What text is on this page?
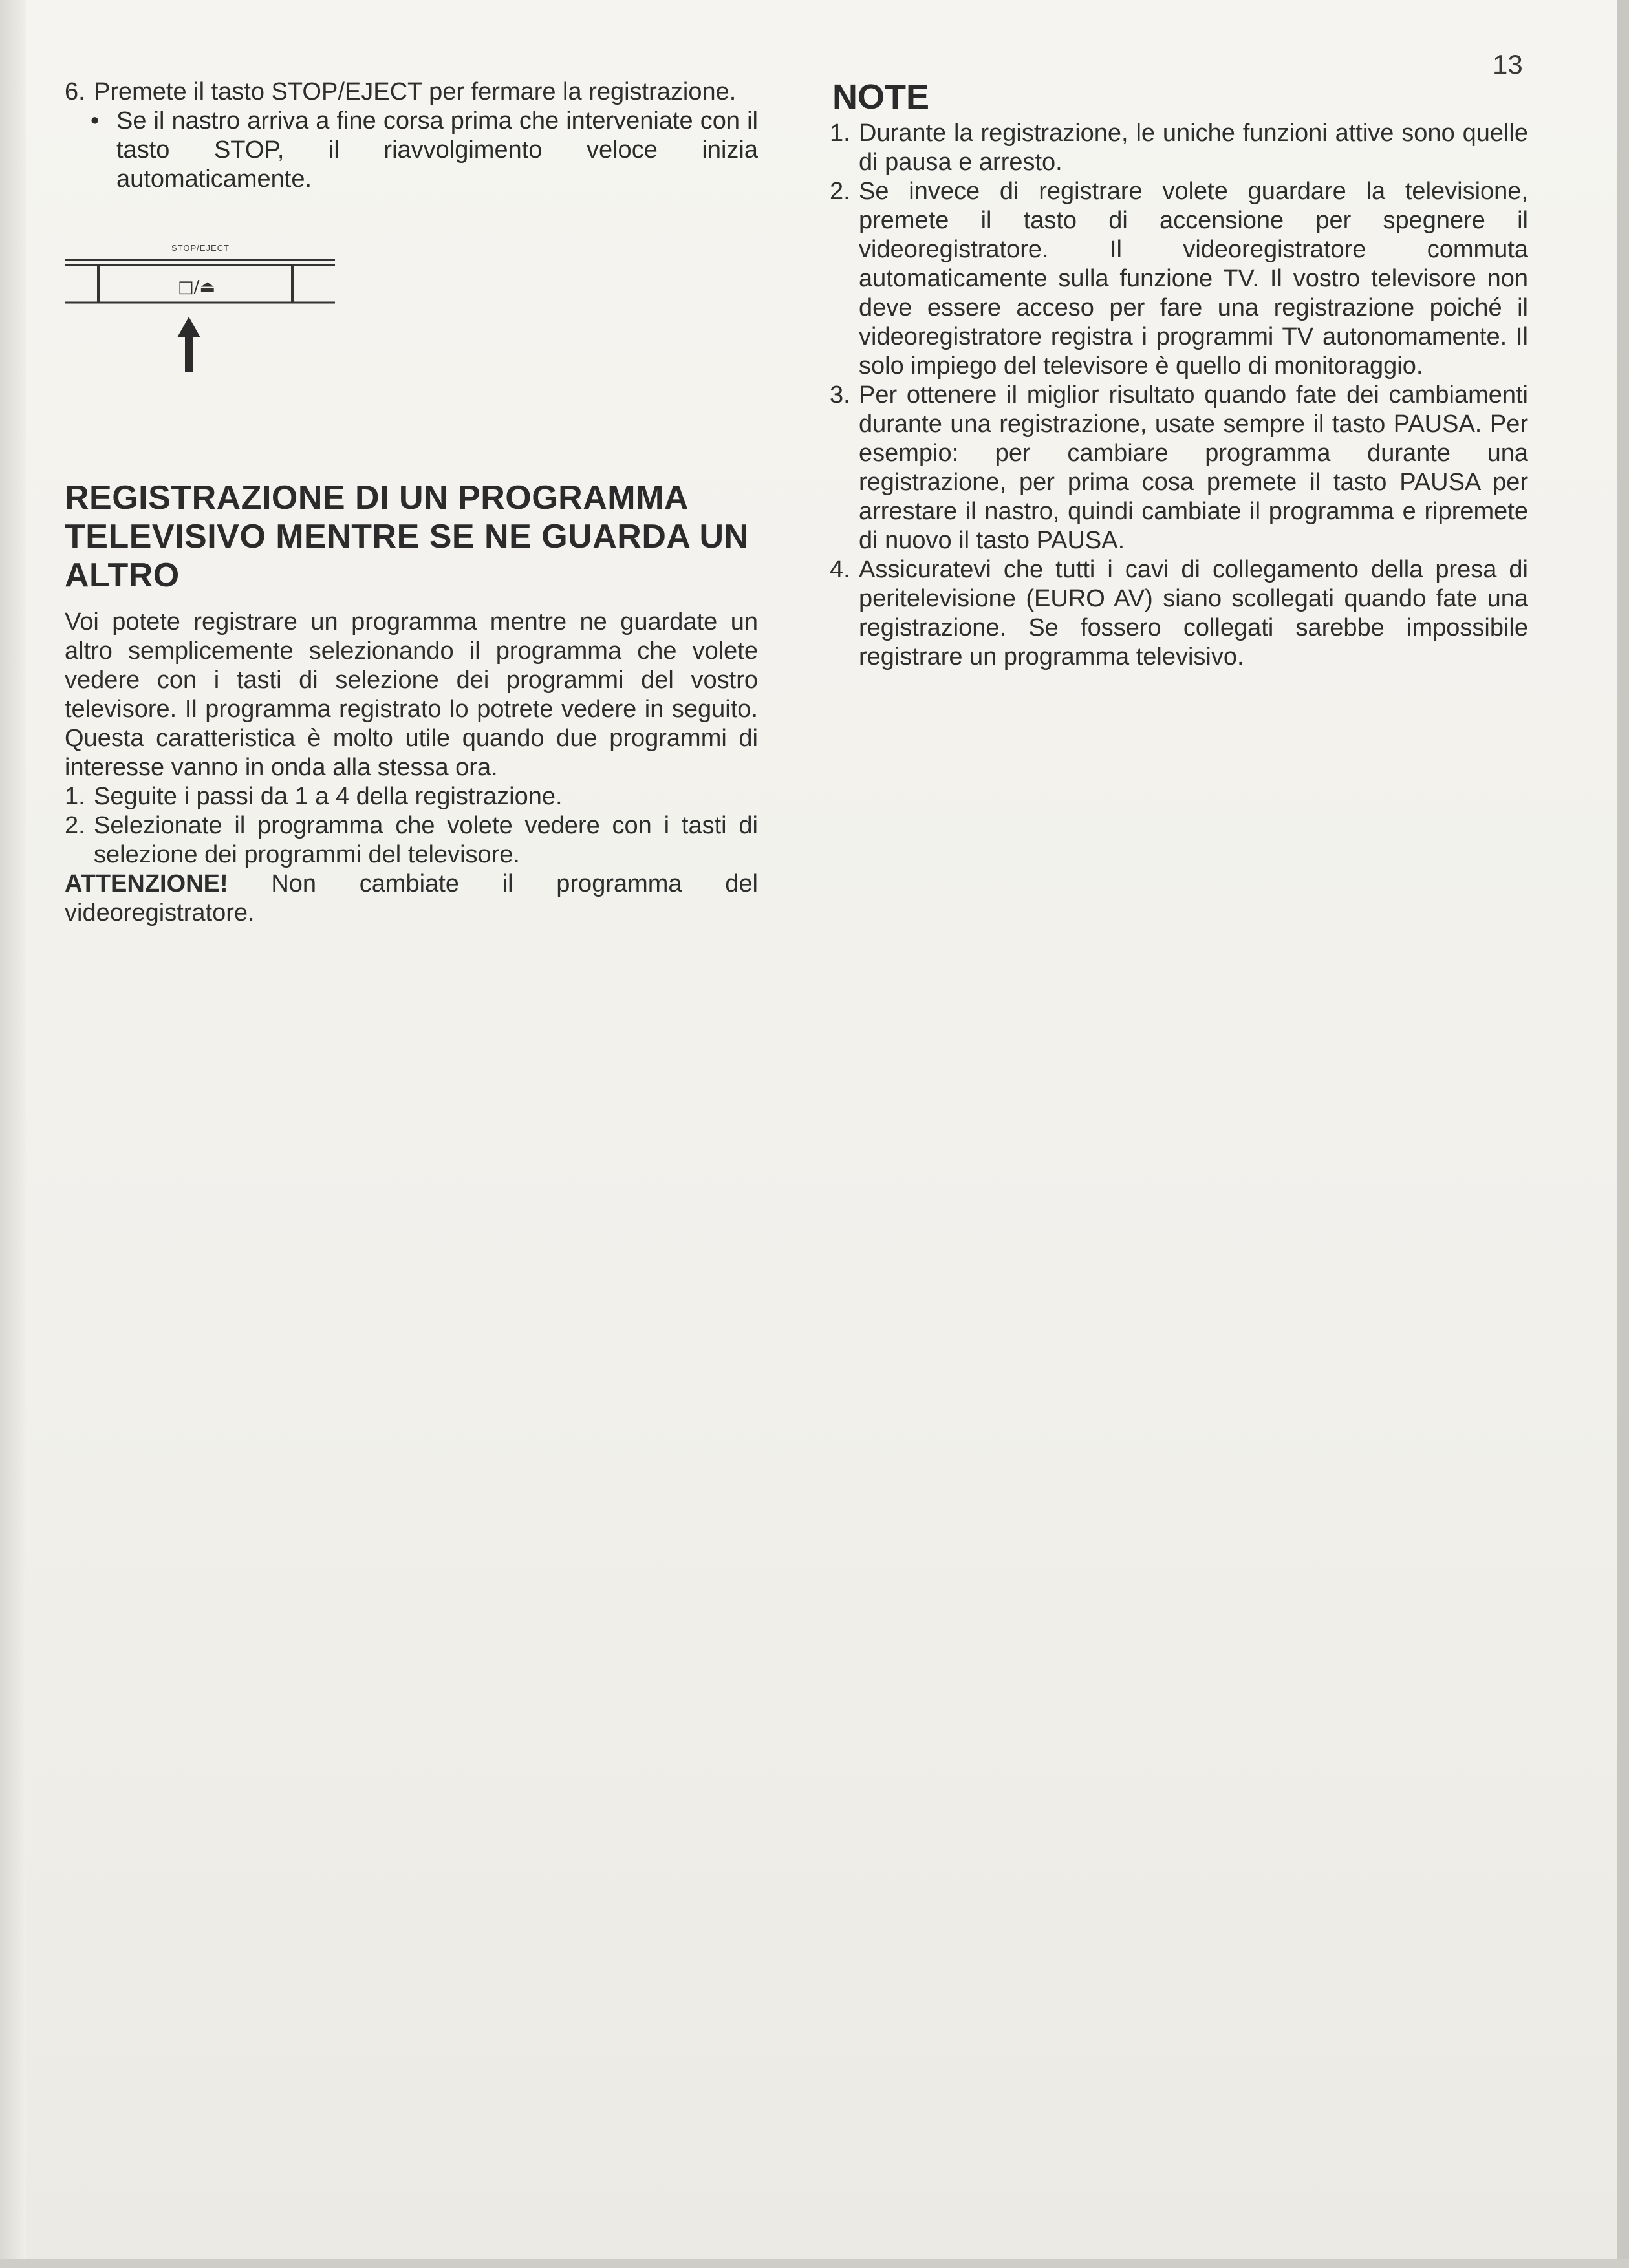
13
6. Premete il tasto STOP/EJECT per fermare la registrazione.
• Se il nastro arriva a fine corsa prima che interveniate con il tasto STOP, il riavvolgimento veloce inizia automaticamente.
REGISTRAZIONE DI UN PROGRAMMA TELEVISIVO MENTRE SE NE GUARDA UN ALTRO

Voi potete registrare un programma mentre ne guardate un altro semplicemente selezionando il programma che volete vedere con i tasti di selezione dei programmi del vostro televisore. Il programma registrato lo potrete vedere in seguito. Questa caratteristica è molto utile quando due programmi di interesse vanno in onda alla stessa ora.

1. Seguite i passi da 1 a 4 della registrazione.
2. Selezionate il programma che volete vedere con i tasti di selezione dei programmi del televisore.

ATTENZIONE! Non cambiate il programma del videoregistratore.

STOP/EJECT
□/⏏
NOTE
1. Durante la registrazione, le uniche funzioni attive sono quelle di pausa e arresto.
2. Se invece di registrare volete guardare la televisione, premete il tasto di accensione per spegnere il videoregistratore. Il videoregistratore commuta automaticamente sulla funzione TV. Il vostro televisore non deve essere acceso per fare una registrazione poiché il videoregistratore registra i programmi TV autonomamente. Il solo impiego del televisore è quello di monitoraggio.
3. Per ottenere il miglior risultato quando fate dei cambiamenti durante una registrazione, usate sempre il tasto PAUSA. Per esempio: per cambiare programma durante una registrazione, per prima cosa premete il tasto PAUSA per arrestare il nastro, quindi cambiate il programma e ripremete di nuovo il tasto PAUSA.
4. Assicuratevi che tutti i cavi di collegamento della presa di peritelevisione (EURO AV) siano scollegati quando fate una registrazione. Se fossero collegati sarebbe impossibile registrare un programma televisivo.
